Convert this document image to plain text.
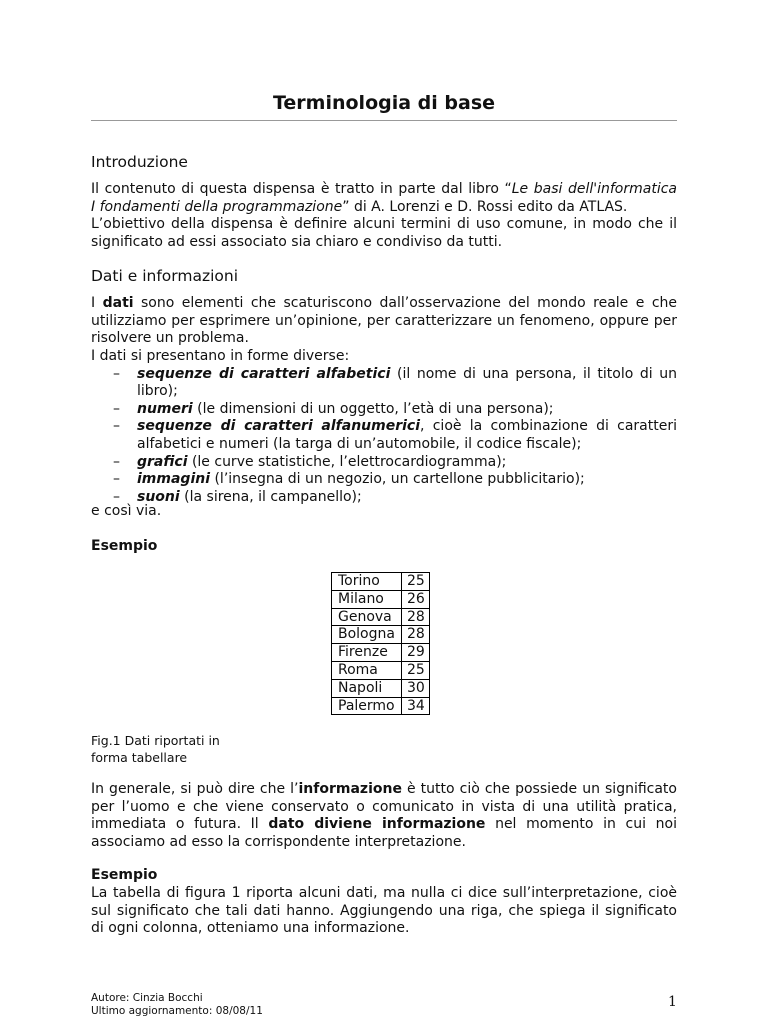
Terminologia di base
Introduzione
Il contenuto di questa dispensa è tratto in parte dal libro “Le basi dell'informatica
I fondamenti della programmazione” di A. Lorenzi e D. Rossi edito da ATLAS.
L’obiettivo della dispensa è definire alcuni termini di uso comune, in modo che il
significato ad essi associato sia chiaro e condiviso da tutti.
Dati e informazioni
I dati sono elementi che scaturiscono dall’osservazione del mondo reale e che utilizziamo per esprimere un’opinione, per caratterizzare un fenomeno, oppure per risolvere un problema.
I dati si presentano in forme diverse:
– sequenze di caratteri alfabetici (il nome di una persona, il titolo di un libro);
– numeri (le dimensioni di un oggetto, l’età di una persona);
– sequenze di caratteri alfanumerici, cioè la combinazione di caratteri alfabetici e numeri (la targa di un’automobile, il codice fiscale);
– grafici (le curve statistiche, l’elettrocardiogramma);
– immagini (l’insegna di un negozio, un cartellone pubblicitario);
– suoni (la sirena, il campanello);
e così via.
Esempio
Torino	25
Milano	26
Genova	28
Bologna	28
Firenze	29
Roma	25
Napoli	30
Palermo	34
Fig.1 Dati riportati in
forma tabellare
In generale, si può dire che l’informazione è tutto ciò che possiede un significato per l’uomo e che viene conservato o comunicato in vista di una utilità pratica, immediata o futura. Il dato diviene informazione nel momento in cui noi associamo ad esso la corrispondente interpretazione.
Esempio
La tabella di figura 1 riporta alcuni dati, ma nulla ci dice sull’interpretazione, cioè sul significato che tali dati hanno. Aggiungendo una riga, che spiega il significato di ogni colonna, otteniamo una informazione.
Autore: Cinzia Bocchi
Ultimo aggiornamento: 08/08/11
1
